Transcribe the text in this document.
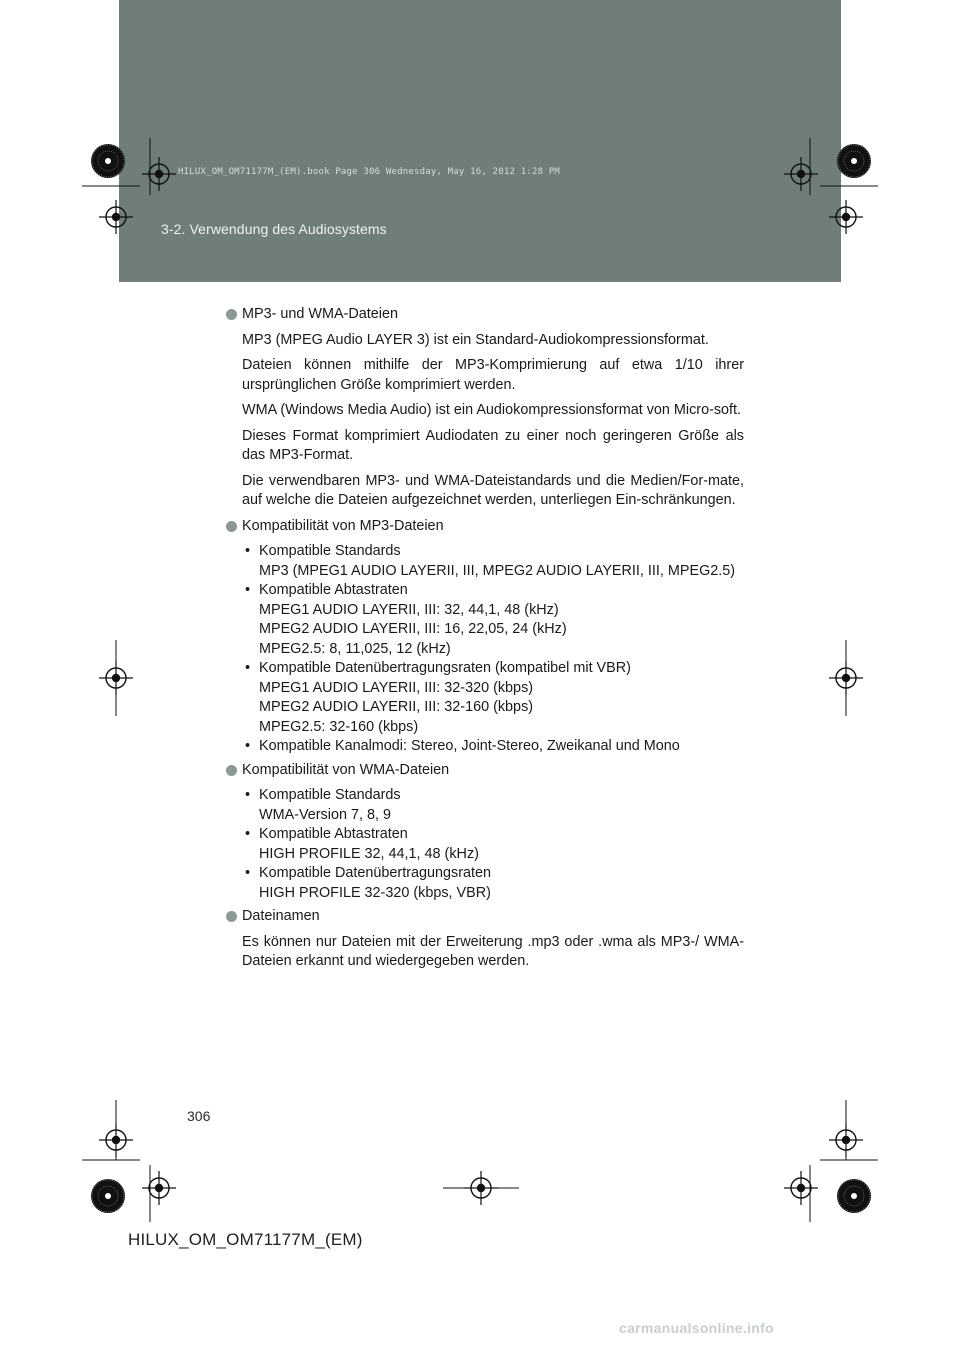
HILUX_OM_OM71177M_(EM).book Page 306 Wednesday, May 16, 2012 1:28 PM
3-2. Verwendung des Audiosystems

MP3- und WMA-Dateien

MP3 (MPEG Audio LAYER 3) ist ein Standard-Audiokompressionsformat.

Dateien können mithilfe der MP3-Komprimierung auf etwa 1/10 ihrer ursprünglichen Größe komprimiert werden.

WMA (Windows Media Audio) ist ein Audiokompressionsformat von Micro-soft.

Dieses Format komprimiert Audiodaten zu einer noch geringeren Größe als das MP3-Format.

Die verwendbaren MP3- und WMA-Dateistandards und die Medien/For-mate, auf welche die Dateien aufgezeichnet werden, unterliegen Ein-schränkungen.

Kompatibilität von MP3-Dateien

• Kompatible Standards
MP3 (MPEG1 AUDIO LAYERII, III, MPEG2 AUDIO LAYERII, III, MPEG2.5)
• Kompatible Abtastraten
MPEG1 AUDIO LAYERII, III: 32, 44,1, 48 (kHz)
MPEG2 AUDIO LAYERII, III: 16, 22,05, 24 (kHz)
MPEG2.5: 8, 11,025, 12 (kHz)
• Kompatible Datenübertragungsraten (kompatibel mit VBR)
MPEG1 AUDIO LAYERII, III: 32-320 (kbps)
MPEG2 AUDIO LAYERII, III: 32-160 (kbps)
MPEG2.5: 32-160 (kbps)
• Kompatible Kanalmodi: Stereo, Joint-Stereo, Zweikanal und Mono

Kompatibilität von WMA-Dateien

• Kompatible Standards
WMA-Version 7, 8, 9
• Kompatible Abtastraten
HIGH PROFILE 32, 44,1, 48 (kHz)
• Kompatible Datenübertragungsraten
HIGH PROFILE 32-320 (kbps, VBR)

Dateinamen

Es können nur Dateien mit der Erweiterung .mp3 oder .wma als MP3-/ WMA-Dateien erkannt und wiedergegeben werden.

306
HILUX_OM_OM71177M_(EM)
carmanualsonline.info
